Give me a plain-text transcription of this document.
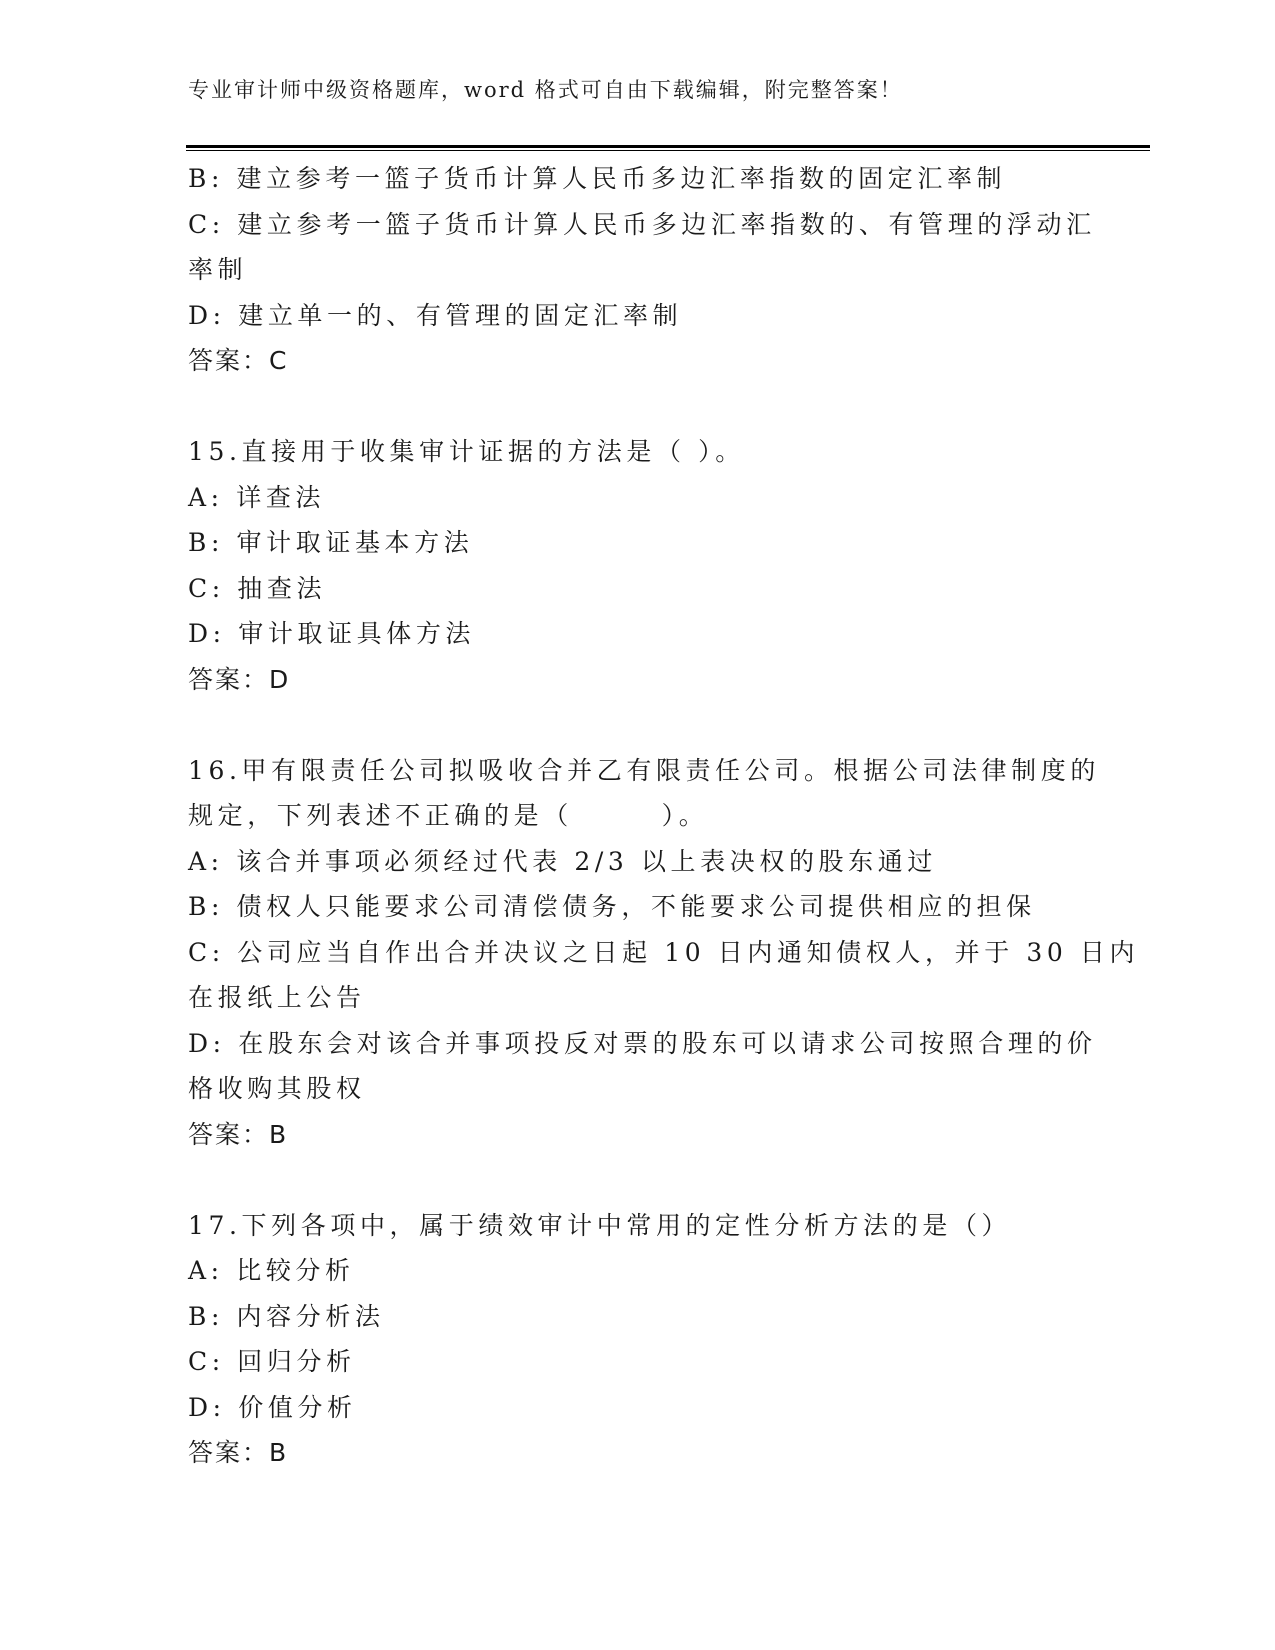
专业审计师中级资格题库，word 格式可自由下载编辑，附完整答案！
B: 建立参考一篮子货币计算人民币多边汇率指数的固定汇率制
C: 建立参考一篮子货币计算人民币多边汇率指数的、有管理的浮动汇
率制
D: 建立单一的、有管理的固定汇率制
答案：C
15.直接用于收集审计证据的方法是（ ）。
A: 详查法
B: 审计取证基本方法
C: 抽查法
D: 审计取证具体方法
答案：D
16.甲有限责任公司拟吸收合并乙有限责任公司。根据公司法律制度的
规定，下列表述不正确的是（　　　）。
A: 该合并事项必须经过代表 2/3 以上表决权的股东通过
B: 债权人只能要求公司清偿债务，不能要求公司提供相应的担保
C: 公司应当自作出合并决议之日起 10 日内通知债权人，并于 30 日内
在报纸上公告
D: 在股东会对该合并事项投反对票的股东可以请求公司按照合理的价
格收购其股权
答案：B
17.下列各项中，属于绩效审计中常用的定性分析方法的是（）
A: 比较分析
B: 内容分析法
C: 回归分析
D: 价值分析
答案：B
